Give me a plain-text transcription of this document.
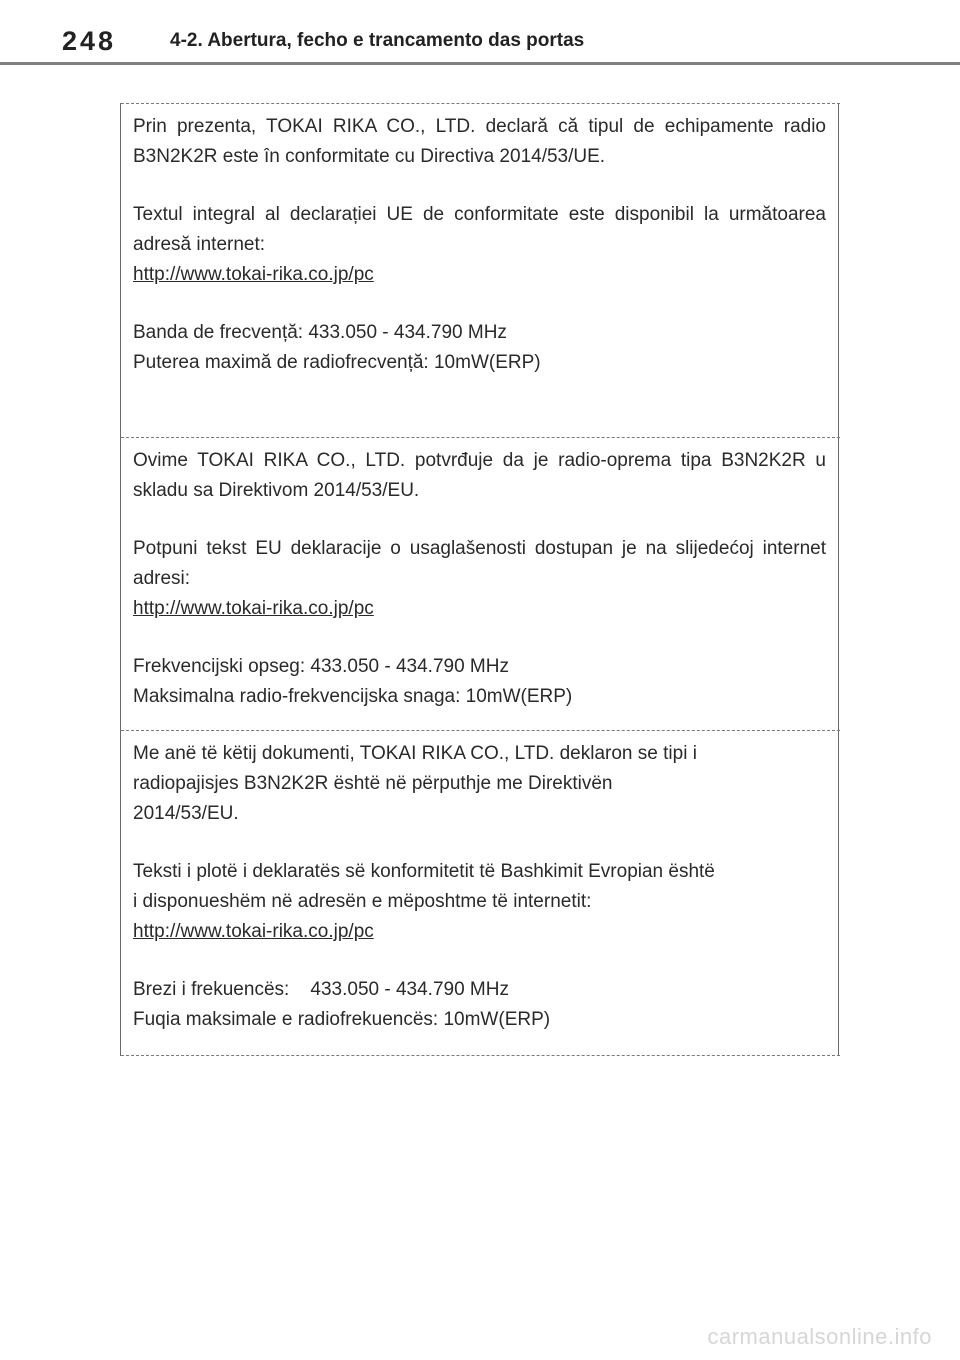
248	4-2. Abertura, fecho e trancamento das portas

Prin prezenta, TOKAI RIKA CO., LTD. declară că tipul de echipamente radio B3N2K2R este în conformitate cu Directiva 2014/53/UE.

Textul integral al declarației UE de conformitate este disponibil la următoarea adresă internet:

http://www.tokai-rika.co.jp/pc

Banda de frecvență: 433.050 - 434.790 MHz

Puterea maximă de radiofrecvență: 10mW(ERP)

Ovime TOKAI RIKA CO., LTD. potvrđuje da je radio-oprema tipa B3N2K2R u skladu sa Direktivom 2014/53/EU.

Potpuni tekst EU deklaracije o usaglašenosti dostupan je na slijedećoj internet adresi:

http://www.tokai-rika.co.jp/pc

Frekvencijski opseg: 433.050 - 434.790 MHz

Maksimalna radio-frekvencijska snaga: 10mW(ERP)

Me anë të këtij dokumenti, TOKAI RIKA CO., LTD. deklaron se tipi i

radiopajisjes B3N2K2R është në përputhje me Direktivën

2014/53/EU.

Teksti i plotë i deklaratës së konformitetit të Bashkimit Evropian është

i disponueshëm në adresën e mëposhtme të internetit:

http://www.tokai-rika.co.jp/pc

Brezi i frekuencës:    433.050 - 434.790 MHz

Fuqia maksimale e radiofrekuencës: 10mW(ERP)

carmanualsonline.info
